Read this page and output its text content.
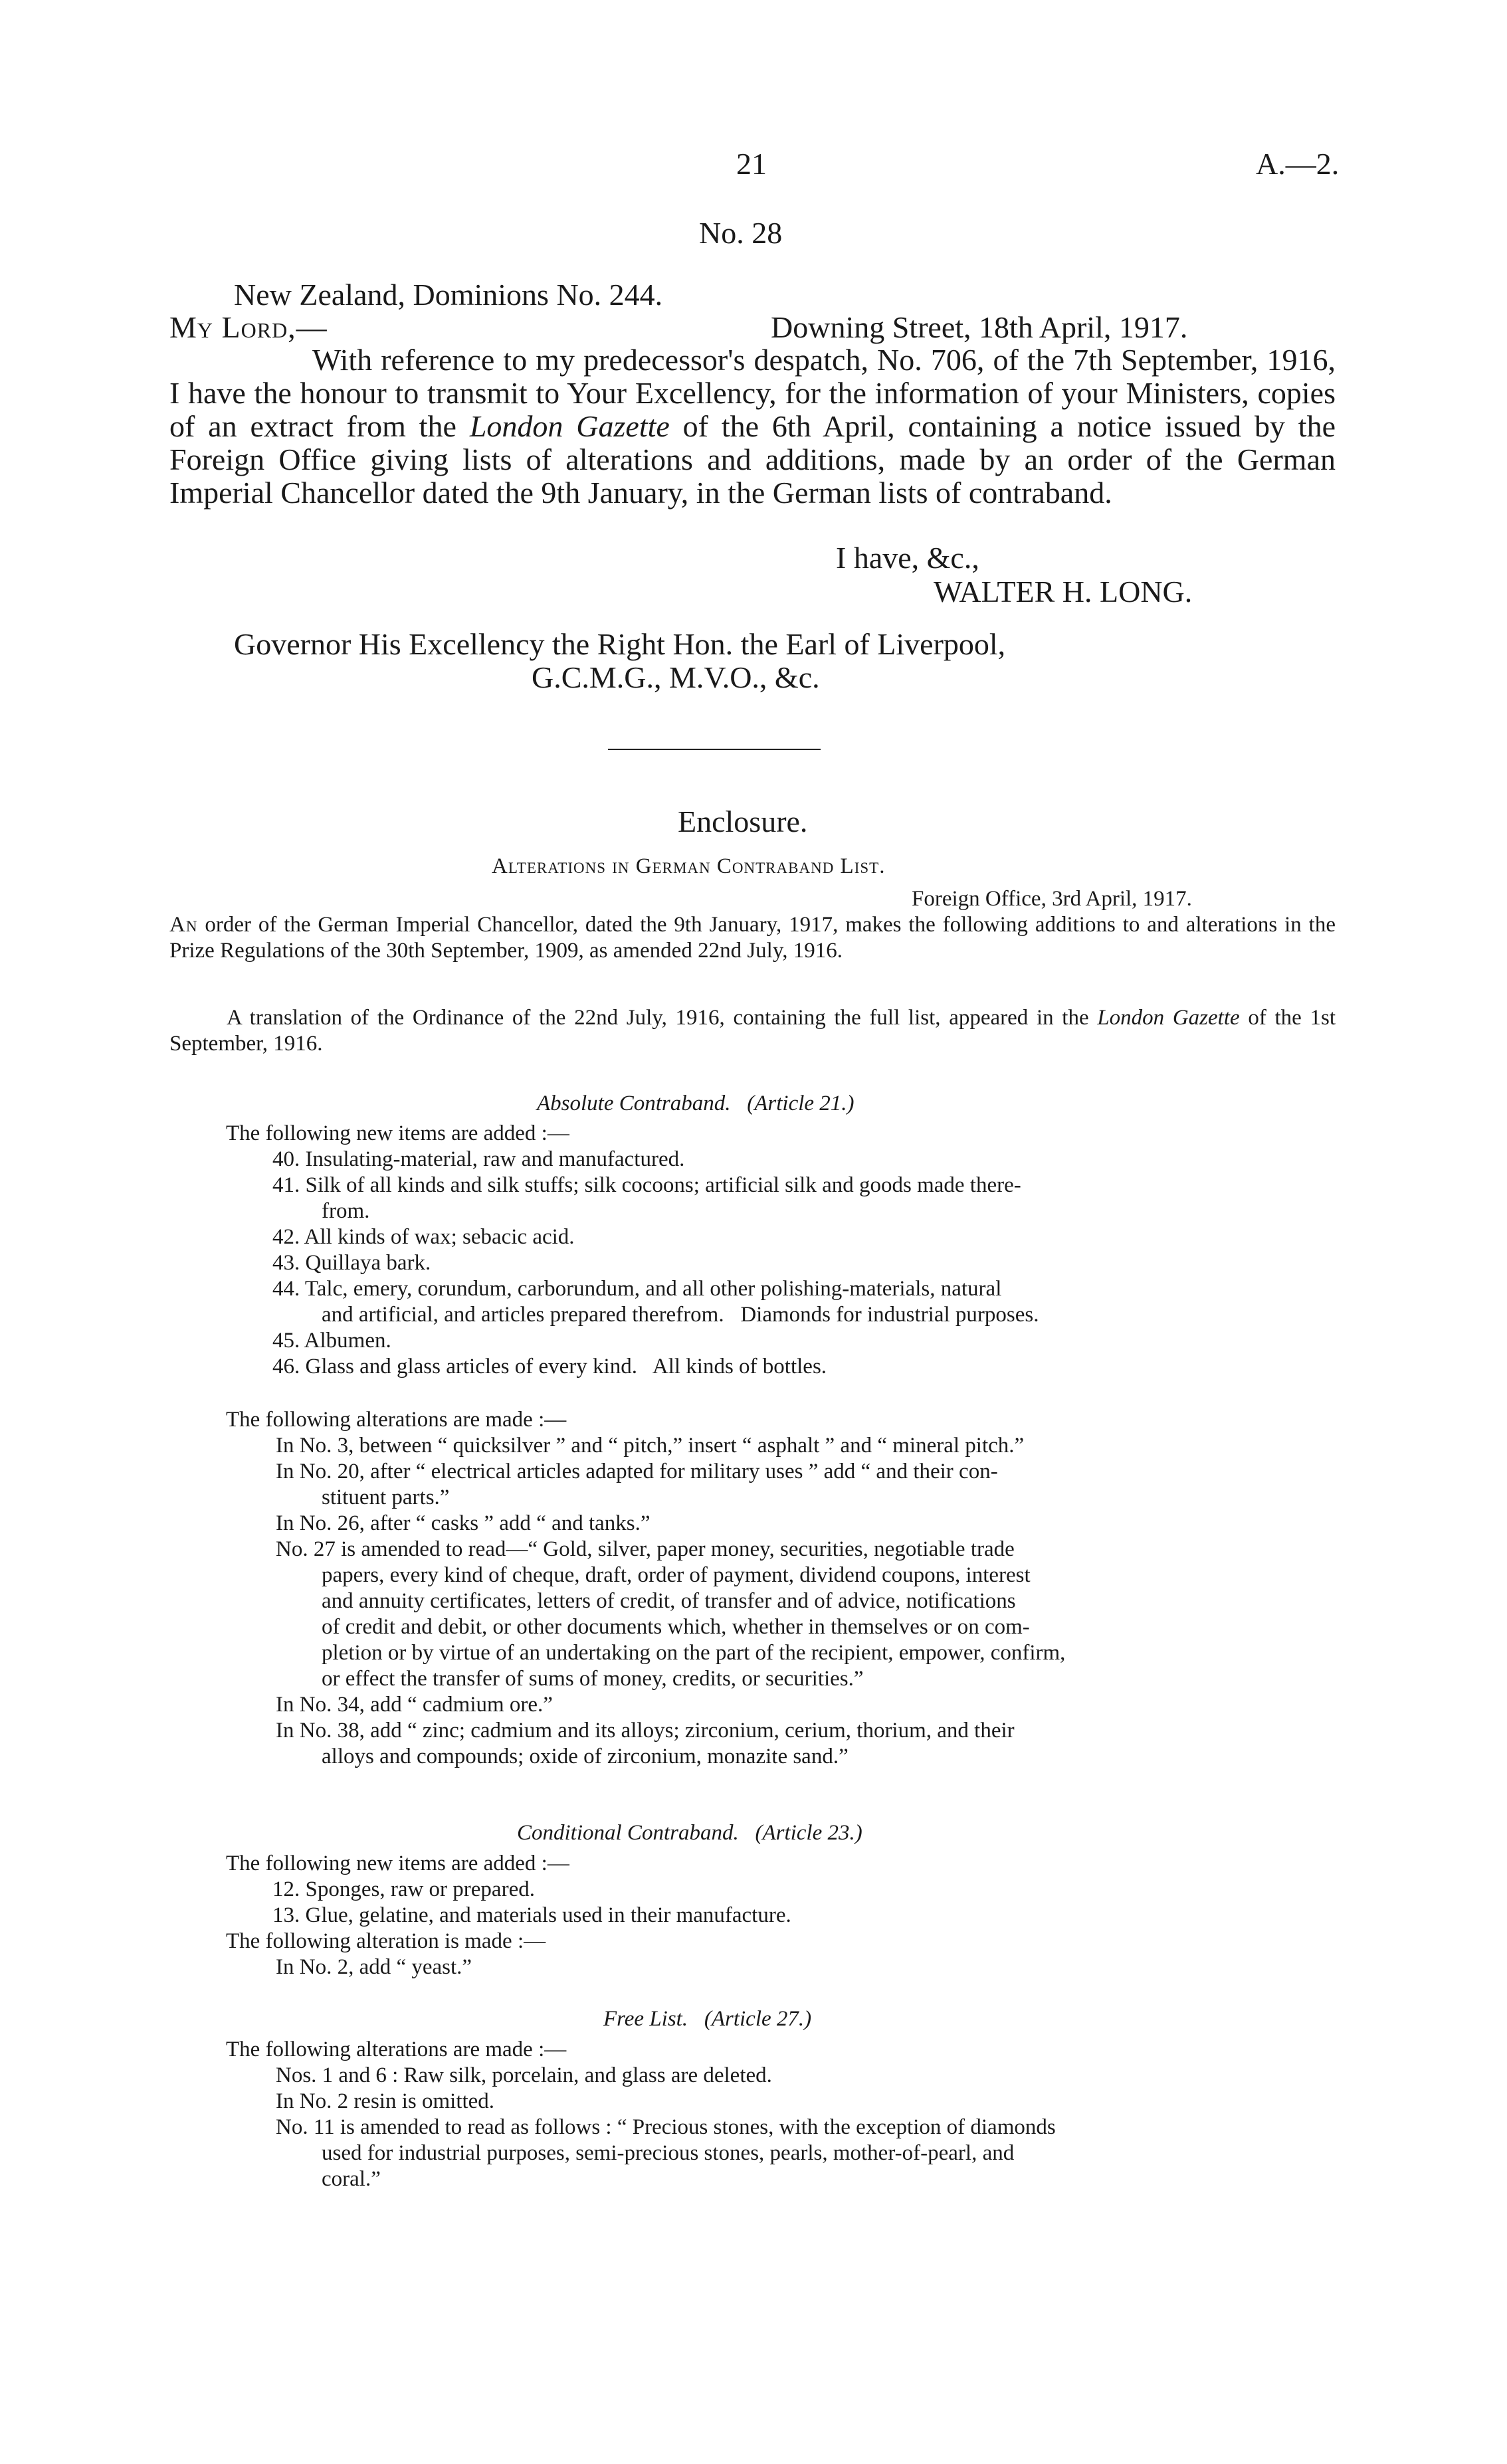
21	A.—2.
No. 28
New Zealand, Dominions No. 244.
My Lord,—	Downing Street, 18th April, 1917.
With reference to my predecessor's despatch, No. 706, of the 7th September, 1916, I have the honour to transmit to Your Excellency, for the information of your Ministers, copies of an extract from the London Gazette of the 6th April, containing a notice issued by the Foreign Office giving lists of alterations and additions, made by an order of the German Imperial Chancellor dated the 9th January, in the German lists of contraband.
I have, &c.,
WALTER H. LONG.
Governor His Excellency the Right Hon. the Earl of Liverpool,
G.C.M.G., M.V.O., &c.
Enclosure.
Alterations in German Contraband List.
Foreign Office, 3rd April, 1917.
An order of the German Imperial Chancellor, dated the 9th January, 1917, makes the following additions to and alterations in the Prize Regulations of the 30th September, 1909, as amended 22nd July, 1916.
A translation of the Ordinance of the 22nd July, 1916, containing the full list, appeared in the London Gazette of the 1st September, 1916.
Absolute Contraband.   (Article 21.)
The following new items are added :—
40. Insulating-material, raw and manufactured.
41. Silk of all kinds and silk stuffs; silk cocoons; artificial silk and goods made there-
from.
42. All kinds of wax; sebacic acid.
43. Quillaya bark.
44. Talc, emery, corundum, carborundum, and all other polishing-materials, natural
and artificial, and articles prepared therefrom.   Diamonds for industrial purposes.
45. Albumen.
46. Glass and glass articles of every kind.   All kinds of bottles.
The following alterations are made :—
In No. 3, between “ quicksilver ” and “ pitch,” insert “ asphalt ” and “ mineral pitch.”
In No. 20, after “ electrical articles adapted for military uses ” add “ and their con-
stituent parts.”
In No. 26, after “ casks ” add “ and tanks.”
No. 27 is amended to read—“ Gold, silver, paper money, securities, negotiable trade
papers, every kind of cheque, draft, order of payment, dividend coupons, interest
and annuity certificates, letters of credit, of transfer and of advice, notifications
of credit and debit, or other documents which, whether in themselves or on com-
pletion or by virtue of an undertaking on the part of the recipient, empower, confirm,
or effect the transfer of sums of money, credits, or securities.”
In No. 34, add “ cadmium ore.”
In No. 38, add “ zinc; cadmium and its alloys; zirconium, cerium, thorium, and their
alloys and compounds; oxide of zirconium, monazite sand.”
Conditional Contraband.   (Article 23.)
The following new items are added :—
12. Sponges, raw or prepared.
13. Glue, gelatine, and materials used in their manufacture.
The following alteration is made :—
In No. 2, add “ yeast.”
Free List.   (Article 27.)
The following alterations are made :—
Nos. 1 and 6 : Raw silk, porcelain, and glass are deleted.
In No. 2 resin is omitted.
No. 11 is amended to read as follows : “ Precious stones, with the exception of diamonds
used for industrial purposes, semi-precious stones, pearls, mother-of-pearl, and
coral.”
